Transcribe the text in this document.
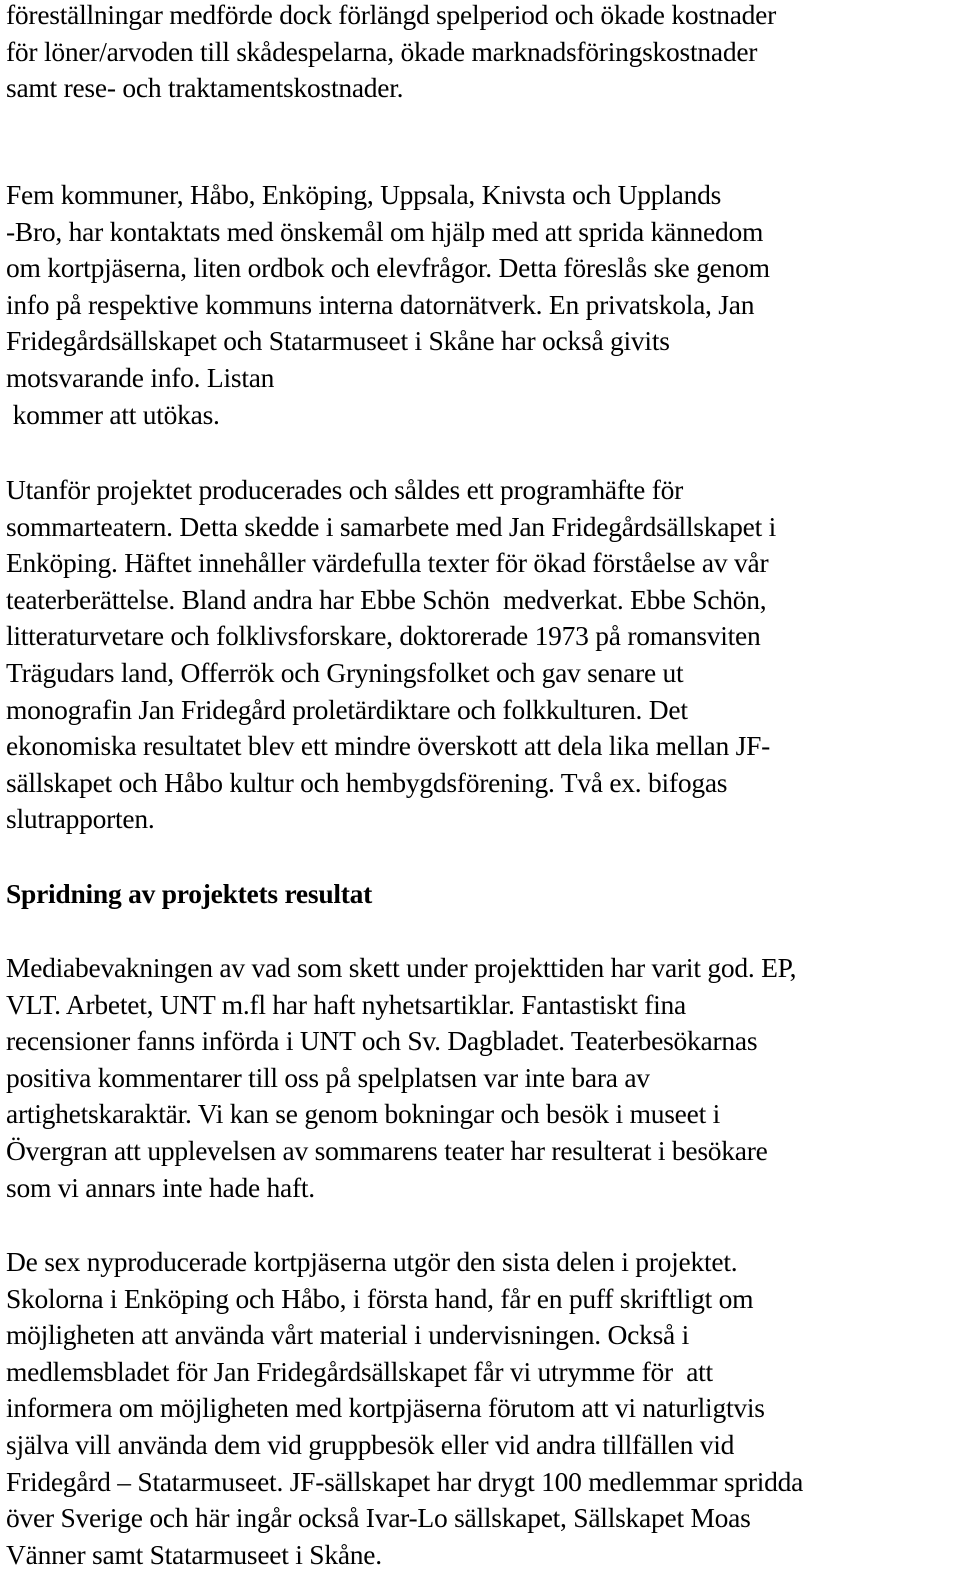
föreställningar medförde dock förlängd spelperiod och ökade kostnader
för löner/arvoden till skådespelarna, ökade marknadsföringskostnader
samt rese- och traktamentskostnader.
Fem kommuner, Håbo, Enköping, Uppsala, Knivsta och Upplands
-Bro, har kontaktats med önskemål om hjälp med att sprida kännedom
om kortpjäserna, liten ordbok och elevfrågor. Detta föreslås ske genom
info på respektive kommuns interna datornätverk. En privatskola, Jan
Fridegårdsällskapet och Statarmuseet i Skåne har också givits
motsvarande info. Listan
kommer att utökas.
Utanför projektet producerades och såldes ett programhäfte för
sommarteatern. Detta skedde i samarbete med Jan Fridegårdsällskapet i
Enköping. Häftet innehåller värdefulla texter för ökad förståelse av vår
teaterberättelse. Bland andra har Ebbe Schön  medverkat. Ebbe Schön,
litteraturvetare och folklivsforskare, doktorerade 1973 på romansviten
Trägudars land, Offerrök och Gryningsfolket och gav senare ut
monografin Jan Fridegård proletärdiktare och folkkulturen. Det
ekonomiska resultatet blev ett mindre överskott att dela lika mellan JF-
sällskapet och Håbo kultur och hembygdsförening. Två ex. bifogas
slutrapporten.
Spridning av projektets resultat
Mediabevakningen av vad som skett under projekttiden har varit god. EP,
VLT. Arbetet, UNT m.fl har haft nyhetsartiklar. Fantastiskt fina
recensioner fanns införda i UNT och Sv. Dagbladet. Teaterbesökarnas
positiva kommentarer till oss på spelplatsen var inte bara av
artighetskaraktär. Vi kan se genom bokningar och besök i museet i
Övergran att upplevelsen av sommarens teater har resulterat i besökare
som vi annars inte hade haft.
De sex nyproducerade kortpjäserna utgör den sista delen i projektet.
Skolorna i Enköping och Håbo, i första hand, får en puff skriftligt om
möjligheten att använda vårt material i undervisningen. Också i
medlemsbladet för Jan Fridegårdsällskapet får vi utrymme för  att
informera om möjligheten med kortpjäserna förutom att vi naturligtvis
själva vill använda dem vid gruppbesök eller vid andra tillfällen vid
Fridegård – Statarmuseet. JF-sällskapet har drygt 100 medlemmar spridda
över Sverige och här ingår också Ivar-Lo sällskapet, Sällskapet Moas
Vänner samt Statarmuseet i Skåne.
